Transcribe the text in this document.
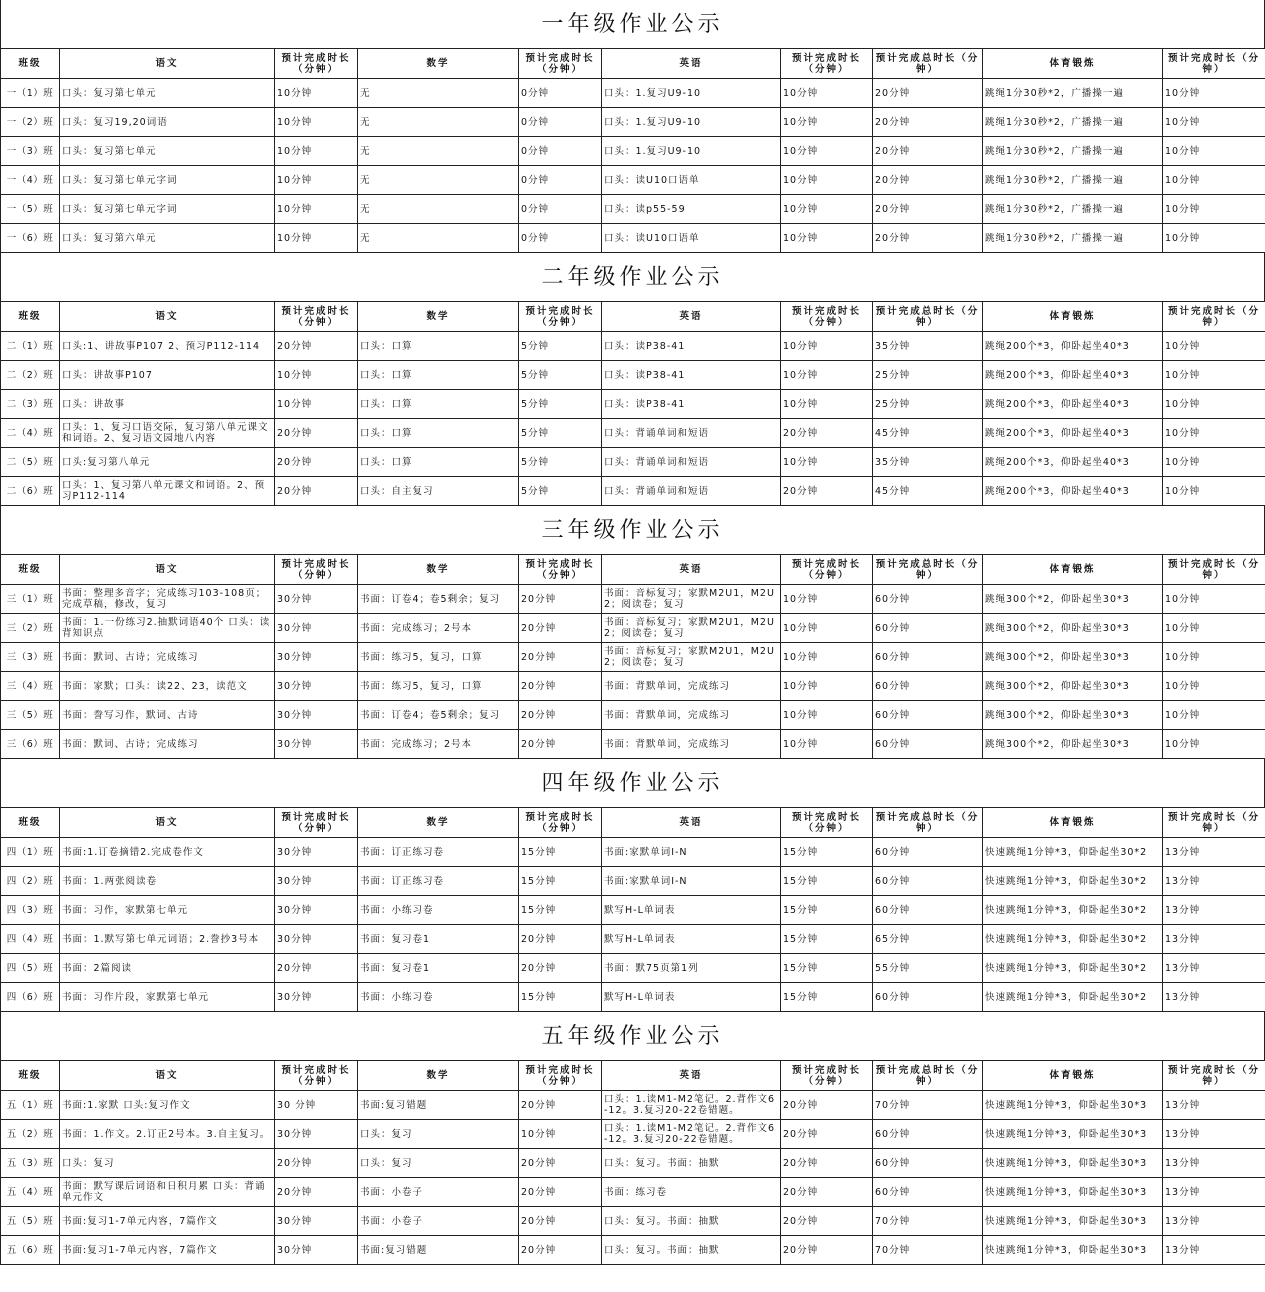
一年级作业公示
班级	语文	预计完成时长（分钟）	数学	预计完成时长（分钟）	英语	预计完成时长（分钟）	预计完成总时长（分钟）	体育锻炼	预计完成时长（分钟）
一（1）班	口头：复习第七单元	10分钟	无	0分钟	口头：1.复习U9-10	10分钟	20分钟	跳绳1分30秒*2，广播操一遍	10分钟
一（2）班	口头：复习19,20词语	10分钟	无	0分钟	口头：1.复习U9-10	10分钟	20分钟	跳绳1分30秒*2，广播操一遍	10分钟
一（3）班	口头：复习第七单元	10分钟	无	0分钟	口头：1.复习U9-10	10分钟	20分钟	跳绳1分30秒*2，广播操一遍	10分钟
一（4）班	口头：复习第七单元字词	10分钟	无	0分钟	口头：读U10口语单	10分钟	20分钟	跳绳1分30秒*2，广播操一遍	10分钟
一（5）班	口头：复习第七单元字词	10分钟	无	0分钟	口头：读p55-59	10分钟	20分钟	跳绳1分30秒*2，广播操一遍	10分钟
一（6）班	口头：复习第六单元	10分钟	无	0分钟	口头：读U10口语单	10分钟	20分钟	跳绳1分30秒*2，广播操一遍	10分钟
二年级作业公示
班级	语文	预计完成时长（分钟）	数学	预计完成时长（分钟）	英语	预计完成时长（分钟）	预计完成总时长（分钟）	体育锻炼	预计完成时长（分钟）
二（1）班	口头:1、讲故事P107 2、预习P112-114	20分钟	口头：口算	5分钟	口头：读P38-41	10分钟	35分钟	跳绳200个*3，仰卧起坐40*3	10分钟
二（2）班	口头：讲故事P107	10分钟	口头：口算	5分钟	口头：读P38-41	10分钟	25分钟	跳绳200个*3，仰卧起坐40*3	10分钟
二（3）班	口头：讲故事	10分钟	口头：口算	5分钟	口头：读P38-41	10分钟	25分钟	跳绳200个*3，仰卧起坐40*3	10分钟
二（4）班	口头：1、复习口语交际，复习第八单元课文和词语。2、复习语文园地八内容	20分钟	口头：口算	5分钟	口头：背诵单词和短语	20分钟	45分钟	跳绳200个*3，仰卧起坐40*3	10分钟
二（5）班	口头:复习第八单元	20分钟	口头：口算	5分钟	口头：背诵单词和短语	10分钟	35分钟	跳绳200个*3，仰卧起坐40*3	10分钟
二（6）班	口头：1、复习第八单元课文和词语。2、预习P112-114	20分钟	口头：自主复习	5分钟	口头：背诵单词和短语	20分钟	45分钟	跳绳200个*3，仰卧起坐40*3	10分钟
三年级作业公示
班级	语文	预计完成时长（分钟）	数学	预计完成时长（分钟）	英语	预计完成时长（分钟）	预计完成总时长（分钟）	体育锻炼	预计完成时长（分钟）
三（1）班	书面：整理多音字；完成练习103-108页；完成草稿，修改，复习	30分钟	书面：订卷4；卷5剩余；复习	20分钟	书面：音标复习；家默M2U1，M2U2；阅读卷；复习	10分钟	60分钟	跳绳300个*2，仰卧起坐30*3	10分钟
三（2）班	书面：1.一份练习2.抽默词语40个 口头：读背知识点	30分钟	书面：完成练习；2号本	20分钟	书面：音标复习；家默M2U1，M2U2；阅读卷；复习	10分钟	60分钟	跳绳300个*2，仰卧起坐30*3	10分钟
三（3）班	书面：默词、古诗；完成练习	30分钟	书面：练习5，复习，口算	20分钟	书面：音标复习；家默M2U1，M2U2；阅读卷；复习	10分钟	60分钟	跳绳300个*2，仰卧起坐30*3	10分钟
三（4）班	书面：家默；口头：读22、23，读范文	30分钟	书面：练习5，复习，口算	20分钟	书面：背默单词，完成练习	10分钟	60分钟	跳绳300个*2，仰卧起坐30*3	10分钟
三（5）班	书面：誊写习作，默词、古诗	30分钟	书面：订卷4；卷5剩余；复习	20分钟	书面：背默单词，完成练习	10分钟	60分钟	跳绳300个*2，仰卧起坐30*3	10分钟
三（6）班	书面：默词、古诗；完成练习	30分钟	书面：完成练习；2号本	20分钟	书面：背默单词，完成练习	10分钟	60分钟	跳绳300个*2，仰卧起坐30*3	10分钟
四年级作业公示
班级	语文	预计完成时长（分钟）	数学	预计完成时长（分钟）	英语	预计完成时长（分钟）	预计完成总时长（分钟）	体育锻炼	预计完成时长（分钟）
四（1）班	书面:1.订卷摘错2.完成卷作文	30分钟	书面：订正练习卷	15分钟	书面:家默单词I-N	15分钟	60分钟	快速跳绳1分钟*3，仰卧起坐30*2	13分钟
四（2）班	书面：1.两张阅读卷	30分钟	书面：订正练习卷	15分钟	书面:家默单词I-N	15分钟	60分钟	快速跳绳1分钟*3，仰卧起坐30*2	13分钟
四（3）班	书面：习作，家默第七单元	30分钟	书面：小练习卷	15分钟	默写H-L单词表	15分钟	60分钟	快速跳绳1分钟*3，仰卧起坐30*2	13分钟
四（4）班	书面：1.默写第七单元词语；2.誊抄3号本	30分钟	书面：复习卷1	20分钟	默写H-L单词表	15分钟	65分钟	快速跳绳1分钟*3，仰卧起坐30*2	13分钟
四（5）班	书面：2篇阅读	20分钟	书面：复习卷1	20分钟	书面：默75页第1列	15分钟	55分钟	快速跳绳1分钟*3，仰卧起坐30*2	13分钟
四（6）班	书面：习作片段，家默第七单元	30分钟	书面：小练习卷	15分钟	默写H-L单词表	15分钟	60分钟	快速跳绳1分钟*3，仰卧起坐30*2	13分钟
五年级作业公示
班级	语文	预计完成时长（分钟）	数学	预计完成时长（分钟）	英语	预计完成时长（分钟）	预计完成总时长（分钟）	体育锻炼	预计完成时长（分钟）
五（1）班	书面:1.家默 口头:复习作文	30 分钟	书面:复习错题	20分钟	口头：1.读M1-M2笔记。2.背作文6-12。3.复习20-22卷错题。	20分钟	70分钟	快速跳绳1分钟*3，仰卧起坐30*3	13分钟
五（2）班	书面：1.作文。2.订正2号本。3.自主复习。	30分钟	口头：复习	10分钟	口头：1.读M1-M2笔记。2.背作文6-12。3.复习20-22卷错题。	20分钟	60分钟	快速跳绳1分钟*3，仰卧起坐30*3	13分钟
五（3）班	口头：复习	20分钟	口头：复习	20分钟	口头：复习。书面：抽默	20分钟	60分钟	快速跳绳1分钟*3，仰卧起坐30*3	13分钟
五（4）班	书面：默写课后词语和日积月累 口头：背诵单元作文	20分钟	书面：小卷子	20分钟	书面：练习卷	20分钟	60分钟	快速跳绳1分钟*3，仰卧起坐30*3	13分钟
五（5）班	书面:复习1-7单元内容，7篇作文	30分钟	书面：小卷子	20分钟	口头：复习。书面：抽默	20分钟	70分钟	快速跳绳1分钟*3，仰卧起坐30*3	13分钟
五（6）班	书面:复习1-7单元内容，7篇作文	30分钟	书面:复习错题	20分钟	口头：复习。书面：抽默	20分钟	70分钟	快速跳绳1分钟*3，仰卧起坐30*3	13分钟
